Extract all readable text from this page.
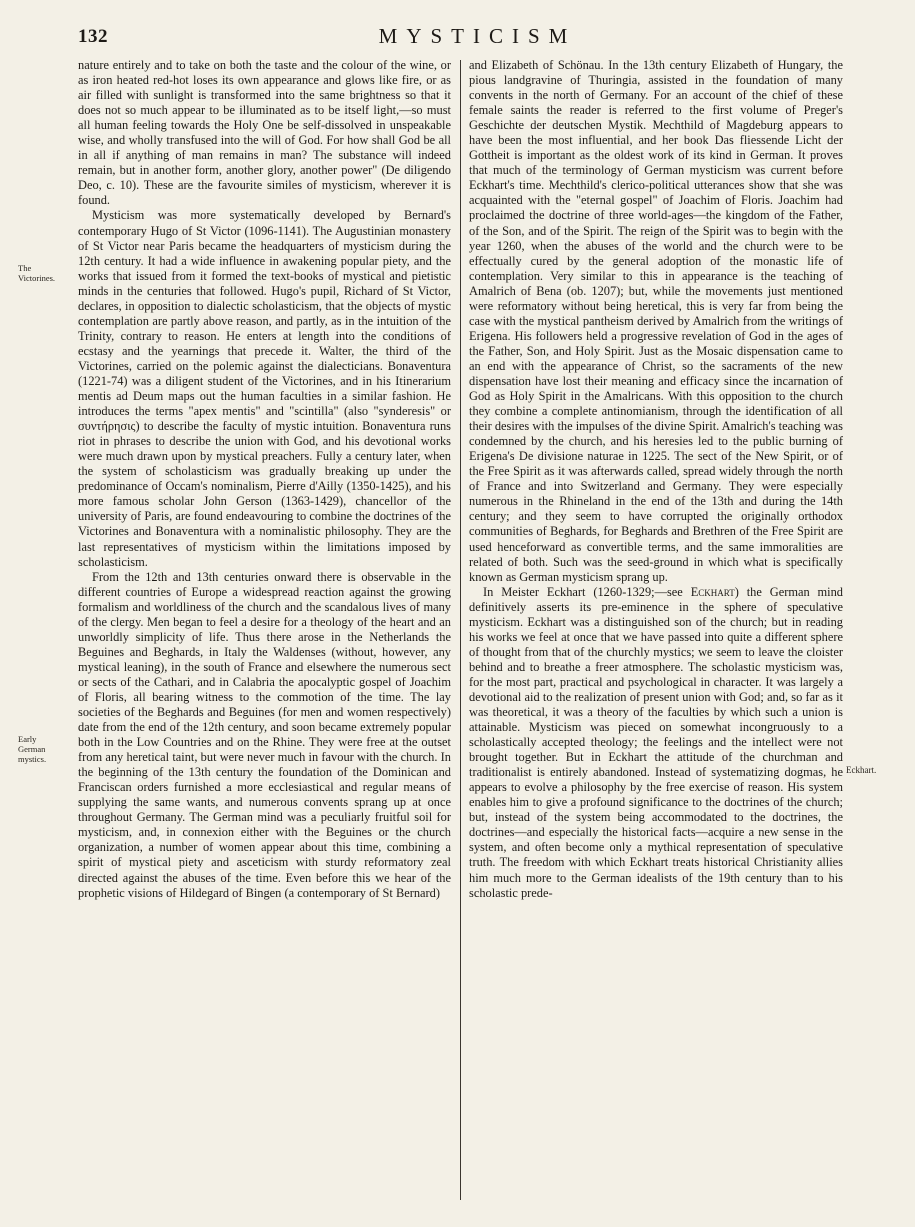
132	MYSTICISM
The Victorines.
Early German mystics.
Eckhart.

nature entirely and to take on both the taste and the colour of the wine, or as iron heated red-hot loses its own appearance and glows like fire, or as air filled with sunlight is transformed into the same brightness so that it does not so much appear to be illuminated as to be itself light,—so must all human feeling towards the Holy One be self-dissolved in unspeakable wise, and wholly transfused into the will of God. For how shall God be all in all if anything of man remains in man? The substance will indeed remain, but in another form, another glory, another power" (De diligendo Deo, c. 10). These are the favourite similes of mysticism, wherever it is found.

Mysticism was more systematically developed by Bernard's contemporary Hugo of St Victor (1096-1141). The Augustinian monastery of St Victor near Paris became the headquarters of mysticism during the 12th century. It had a wide influence in awakening popular piety, and the works that issued from it formed the text-books of mystical and pietistic minds in the centuries that followed. Hugo's pupil, Richard of St Victor, declares, in opposition to dialectic scholasticism, that the objects of mystic contemplation are partly above reason, and partly, as in the intuition of the Trinity, contrary to reason. He enters at length into the conditions of ecstasy and the yearnings that precede it. Walter, the third of the Victorines, carried on the polemic against the dialecticians. Bonaventura (1221-74) was a diligent student of the Victorines, and in his Itinerarium mentis ad Deum maps out the human faculties in a similar fashion. He introduces the terms "apex mentis" and "scintilla" (also "synderesis" or συντήρησις) to describe the faculty of mystic intuition. Bonaventura runs riot in phrases to describe the union with God, and his devotional works were much drawn upon by mystical preachers. Fully a century later, when the system of scholasticism was gradually breaking up under the predominance of Occam's nominalism, Pierre d'Ailly (1350-1425), and his more famous scholar John Gerson (1363-1429), chancellor of the university of Paris, are found endeavouring to combine the doctrines of the Victorines and Bonaventura with a nominalistic philosophy. They are the last representatives of mysticism within the limitations imposed by scholasticism.

From the 12th and 13th centuries onward there is observable in the different countries of Europe a widespread reaction against the growing formalism and worldliness of the church and the scandalous lives of many of the clergy. Men began to feel a desire for a theology of the heart and an unworldly simplicity of life. Thus there arose in the Netherlands the Beguines and Beghards, in Italy the Waldenses (without, however, any mystical leaning), in the south of France and elsewhere the numerous sect or sects of the Cathari, and in Calabria the apocalyptic gospel of Joachim of Floris, all bearing witness to the commotion of the time. The lay societies of the Beghards and Beguines (for men and women respectively) date from the end of the 12th century, and soon became extremely popular both in the Low Countries and on the Rhine. They were free at the outset from any heretical taint, but were never much in favour with the church. In the beginning of the 13th century the foundation of the Dominican and Franciscan orders furnished a more ecclesiastical and regular means of supplying the same wants, and numerous convents sprang up at once throughout Germany. The German mind was a peculiarly fruitful soil for mysticism, and, in connexion either with the Beguines or the church organization, a number of women appear about this time, combining a spirit of mystical piety and asceticism with sturdy reformatory zeal directed against the abuses of the time. Even before this we hear of the prophetic visions of Hildegard of Bingen (a contemporary of St Bernard)

and Elizabeth of Schönau. In the 13th century Elizabeth of Hungary, the pious landgravine of Thuringia, assisted in the foundation of many convents in the north of Germany. For an account of the chief of these female saints the reader is referred to the first volume of Preger's Geschichte der deutschen Mystik. Mechthild of Magdeburg appears to have been the most influential, and her book Das fliessende Licht der Gottheit is important as the oldest work of its kind in German. It proves that much of the terminology of German mysticism was current before Eckhart's time. Mechthild's clerico-political utterances show that she was acquainted with the "eternal gospel" of Joachim of Floris. Joachim had proclaimed the doctrine of three world-ages—the kingdom of the Father, of the Son, and of the Spirit. The reign of the Spirit was to begin with the year 1260, when the abuses of the world and the church were to be effectually cured by the general adoption of the monastic life of contemplation. Very similar to this in appearance is the teaching of Amalrich of Bena (ob. 1207); but, while the movements just mentioned were reformatory without being heretical, this is very far from being the case with the mystical pantheism derived by Amalrich from the writings of Erigena. His followers held a progressive revelation of God in the ages of the Father, Son, and Holy Spirit. Just as the Mosaic dispensation came to an end with the appearance of Christ, so the sacraments of the new dispensation have lost their meaning and efficacy since the incarnation of God as Holy Spirit in the Amalricans. With this opposition to the church they combine a complete antinomianism, through the identification of all their desires with the impulses of the divine Spirit. Amalrich's teaching was condemned by the church, and his heresies led to the public burning of Erigena's De divisione naturae in 1225. The sect of the New Spirit, or of the Free Spirit as it was afterwards called, spread widely through the north of France and into Switzerland and Germany. They were especially numerous in the Rhineland in the end of the 13th and during the 14th century; and they seem to have corrupted the originally orthodox communities of Beghards, for Beghards and Brethren of the Free Spirit are used henceforward as convertible terms, and the same immoralities are related of both. Such was the seed-ground in which what is specifically known as German mysticism sprang up.

In Meister Eckhart (1260-1329;—see Eckhart) the German mind definitively asserts its pre-eminence in the sphere of speculative mysticism. Eckhart was a distinguished son of the church; but in reading his works we feel at once that we have passed into quite a different sphere of thought from that of the churchly mystics; we seem to leave the cloister behind and to breathe a freer atmosphere. The scholastic mysticism was, for the most part, practical and psychological in character. It was largely a devotional aid to the realization of present union with God; and, so far as it was theoretical, it was a theory of the faculties by which such a union is attainable. Mysticism was pieced on somewhat incongruously to a scholastically accepted theology; the feelings and the intellect were not brought together. But in Eckhart the attitude of the churchman and traditionalist is entirely abandoned. Instead of systematizing dogmas, he appears to evolve a philosophy by the free exercise of reason. His system enables him to give a profound significance to the doctrines of the church; but, instead of the system being accommodated to the doctrines, the doctrines—and especially the historical facts—acquire a new sense in the system, and often become only a mythical representation of speculative truth. The freedom with which Eckhart treats historical Christianity allies him much more to the German idealists of the 19th century than to his scholastic prede-
